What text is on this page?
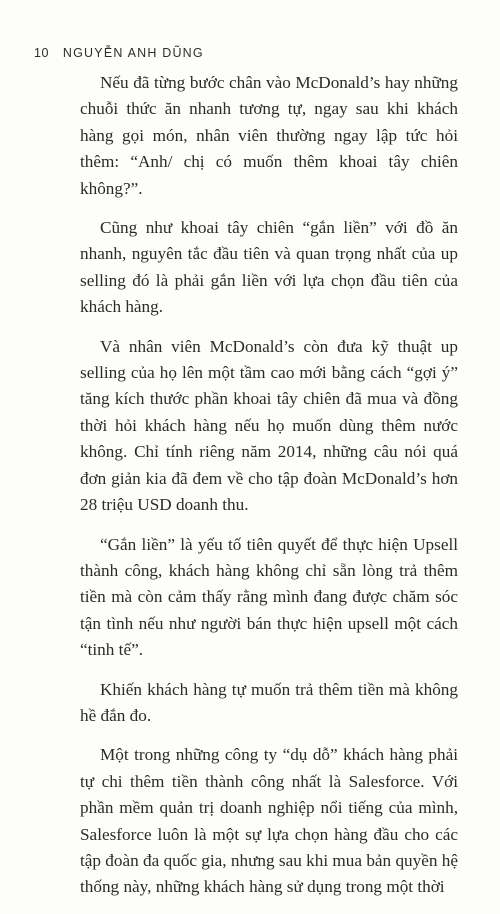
10 NGUYỄN ANH DŨNG

Nếu đã từng bước chân vào McDonald’s hay những chuỗi thức ăn nhanh tương tự, ngay sau khi khách hàng gọi món, nhân viên thường ngay lập tức hỏi thêm: “Anh/ chị có muốn thêm khoai tây chiên không?”.

Cũng như khoai tây chiên “gắn liền” với đồ ăn nhanh, nguyên tắc đầu tiên và quan trọng nhất của up selling đó là phải gắn liền với lựa chọn đầu tiên của khách hàng.

Và nhân viên McDonald’s còn đưa kỹ thuật up selling của họ lên một tầm cao mới bằng cách “gợi ý” tăng kích thước phần khoai tây chiên đã mua và đồng thời hỏi khách hàng nếu họ muốn dùng thêm nước không. Chỉ tính riêng năm 2014, những câu nói quá đơn giản kia đã đem về cho tập đoàn McDonald’s hơn 28 triệu USD doanh thu.

“Gắn liền” là yếu tố tiên quyết để thực hiện Upsell thành công, khách hàng không chỉ sẵn lòng trả thêm tiền mà còn cảm thấy rằng mình đang được chăm sóc tận tình nếu như người bán thực hiện upsell một cách “tinh tế”.

Khiến khách hàng tự muốn trả thêm tiền mà không hề đắn đo.

Một trong những công ty “dụ dỗ” khách hàng phải tự chi thêm tiền thành công nhất là Salesforce. Với phần mềm quản trị doanh nghiệp nổi tiếng của mình, Salesforce luôn là một sự lựa chọn hàng đầu cho các tập đoàn đa quốc gia, nhưng sau khi mua bản quyền hệ thống này, những khách hàng sử dụng trong một thời
